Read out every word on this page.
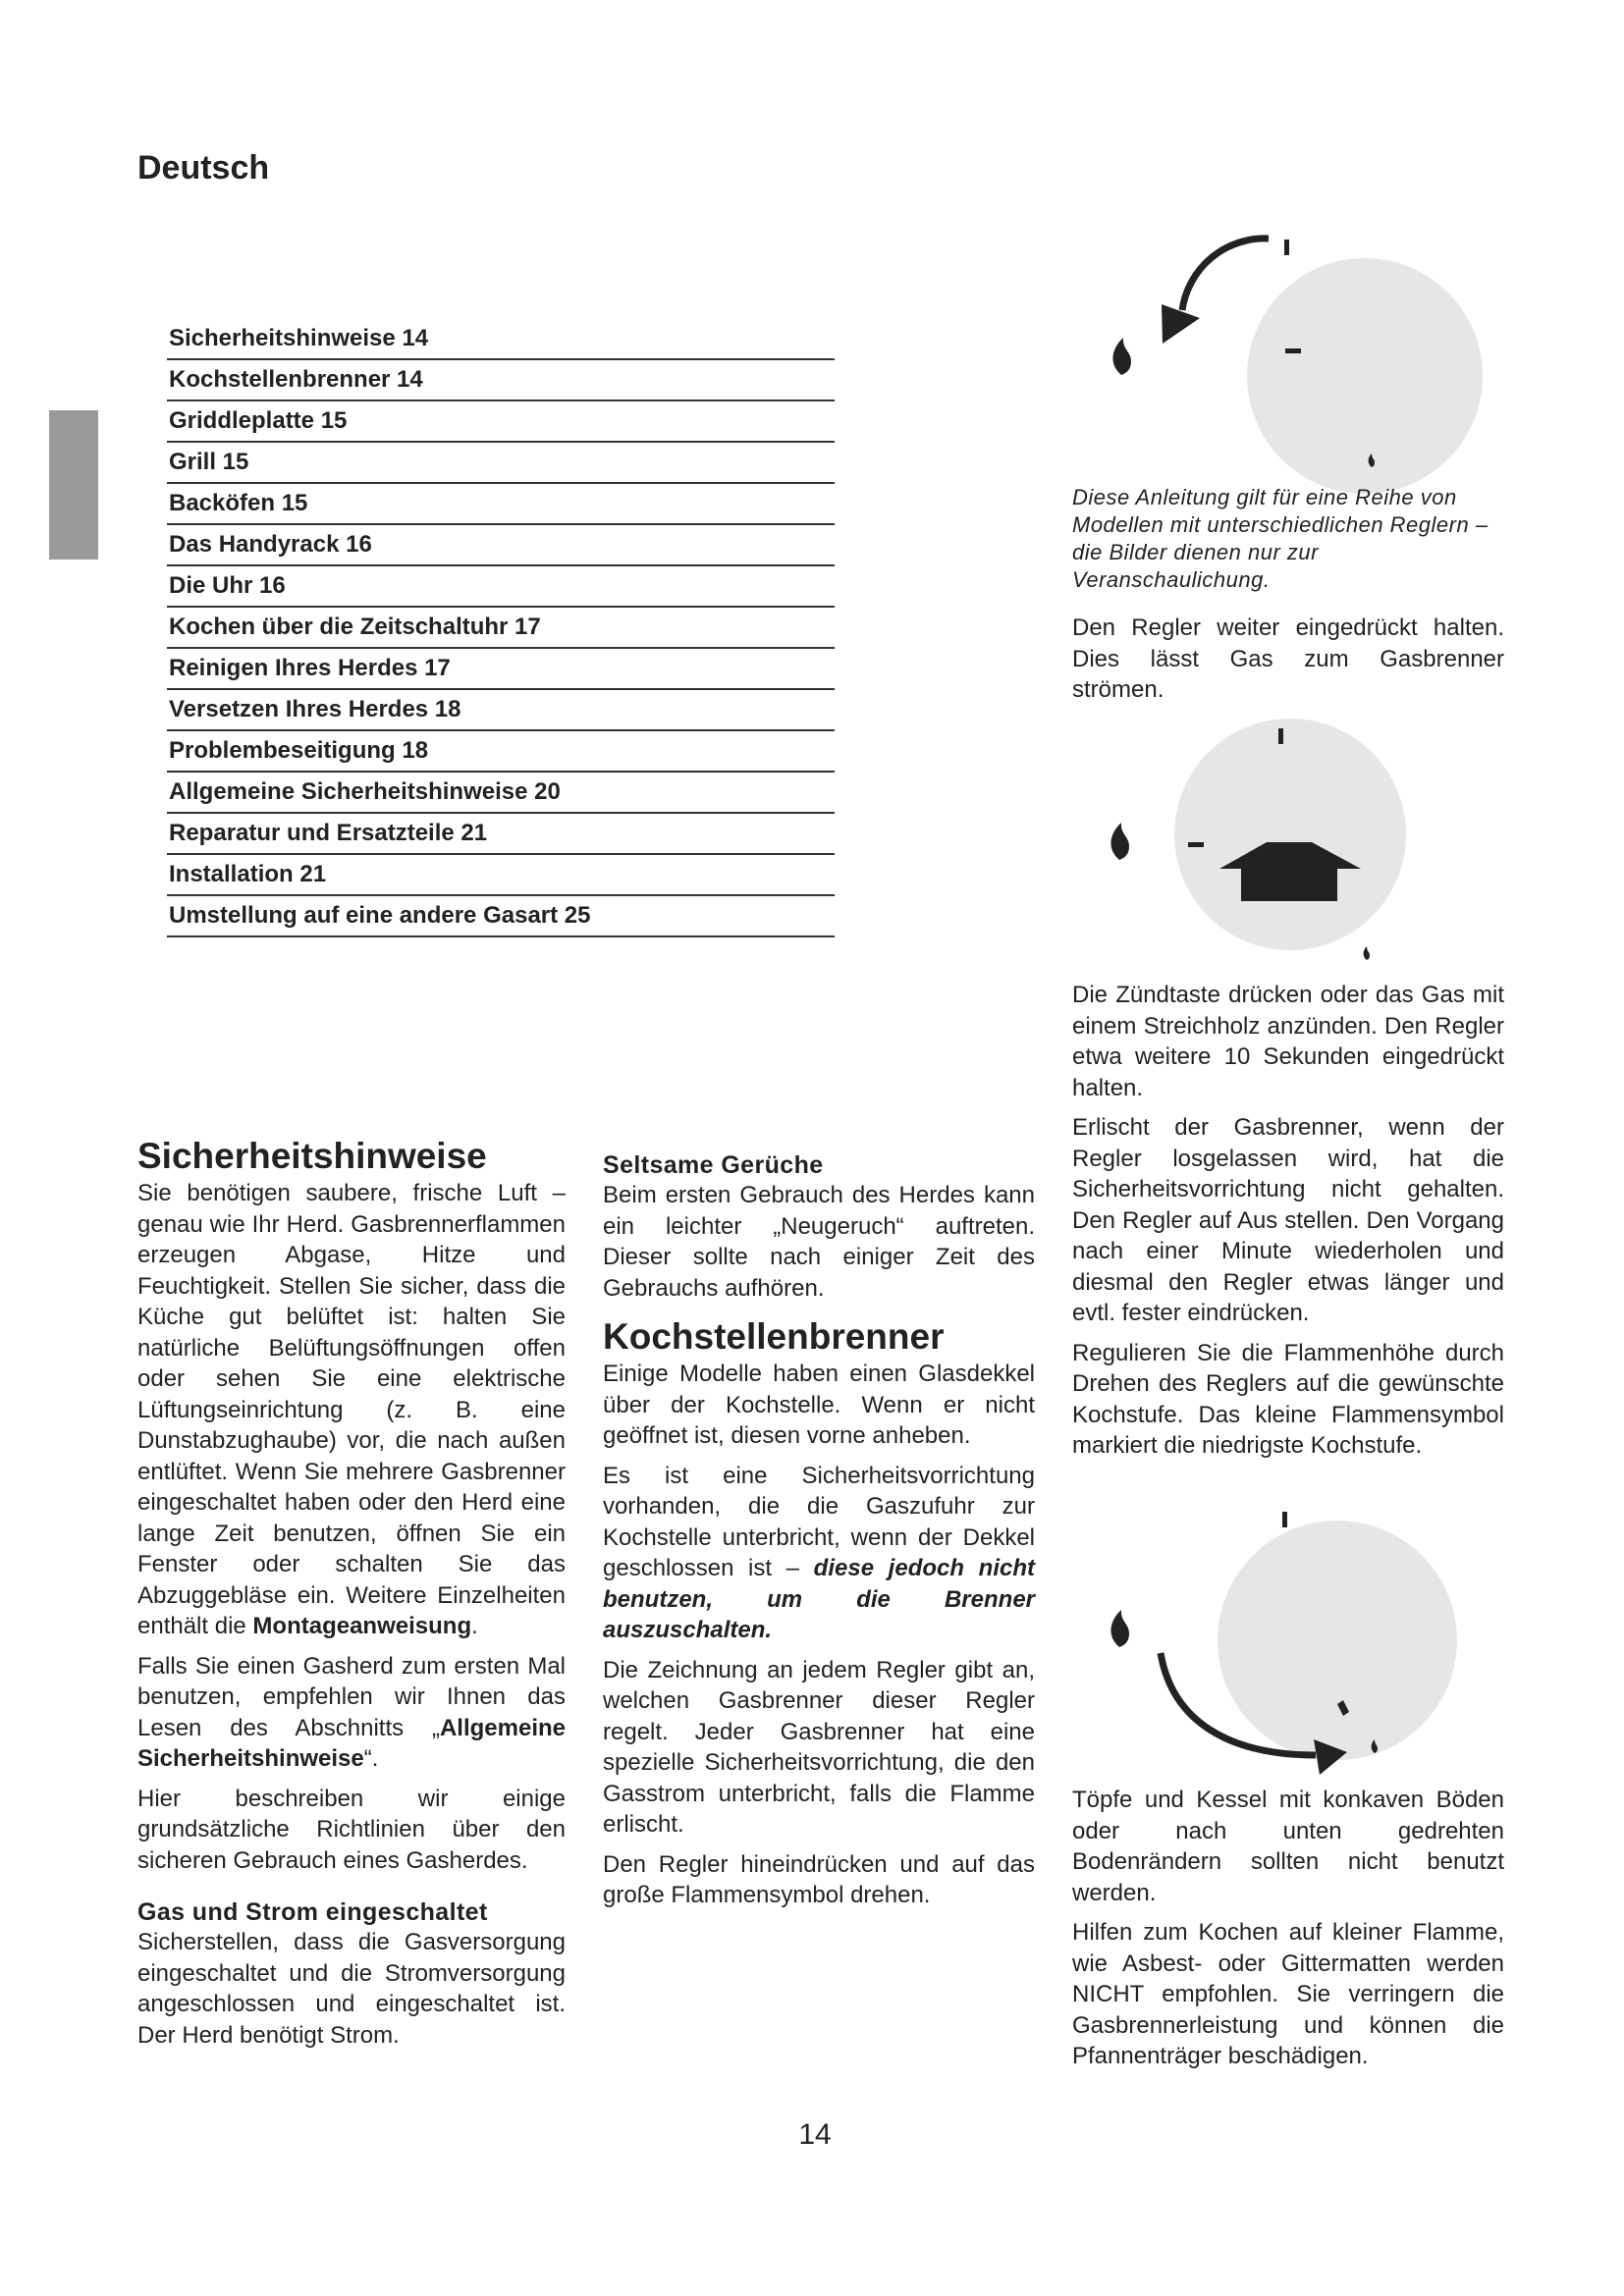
Deutsch
Sicherheitshinweise 14
Kochstellenbrenner 14
Griddleplatte 15
Grill 15
Backöfen 15
Das Handyrack 16
Die Uhr 16
Kochen über die Zeitschaltuhr 17
Reinigen Ihres Herdes 17
Versetzen Ihres Herdes 18
Problembeseitigung 18
Allgemeine Sicherheitshinweise 20
Reparatur und Ersatzteile 21
Installation 21
Umstellung auf eine andere Gasart 25
Sicherheitshinweise

Sie benötigen saubere, frische Luft – genau wie Ihr Herd. Gasbrennerflammen erzeugen Abgase, Hitze und Feuchtigkeit. Stellen Sie sicher, dass die Küche gut belüftet ist: halten Sie natürliche Belüftungsöffnungen offen oder sehen Sie eine elektrische Lüftungseinrichtung (z. B. eine Dunstabzughaube) vor, die nach außen entlüftet. Wenn Sie mehrere Gasbrenner eingeschaltet haben oder den Herd eine lange Zeit benutzen, öffnen Sie ein Fenster oder schalten Sie das Abzuggebläse ein. Weitere Einzelheiten enthält die Montageanweisung.

Falls Sie einen Gasherd zum ersten Mal benutzen, empfehlen wir Ihnen das Lesen des Abschnitts „Allgemeine Sicherheitshinweise“.

Hier beschreiben wir einige grundsätzliche Richtlinien über den sicheren Gebrauch eines Gasherdes.

Gas und Strom eingeschaltet

Sicherstellen, dass die Gasversorgung eingeschaltet und die Stromversorgung angeschlossen und eingeschaltet ist. Der Herd benötigt Strom.

Seltsame Gerüche

Beim ersten Gebrauch des Herdes kann ein leichter „Neugeruch“ auftreten. Dieser sollte nach einiger Zeit des Gebrauchs aufhören.

Kochstellenbrenner

Einige Modelle haben einen Glasdekkel über der Kochstelle. Wenn er nicht geöffnet ist, diesen vorne anheben.

Es ist eine Sicherheitsvorrichtung vorhanden, die die Gaszufuhr zur Kochstelle unterbricht, wenn der Dekkel geschlossen ist – diese jedoch nicht benutzen, um die Brenner auszuschalten.

Die Zeichnung an jedem Regler gibt an, welchen Gasbrenner dieser Regler regelt. Jeder Gasbrenner hat eine spezielle Sicherheitsvorrichtung, die den Gasstrom unterbricht, falls die Flamme erlischt.

Den Regler hineindrücken und auf das große Flammensymbol drehen.

Diese Anleitung gilt für eine Reihe von Modellen mit unterschiedlichen Reglern – die Bilder dienen nur zur Veranschaulichung.

Den Regler weiter eingedrückt halten. Dies lässt Gas zum Gasbrenner strömen.

Die Zündtaste drücken oder das Gas mit einem Streichholz anzünden. Den Regler etwa weitere 10 Sekunden eingedrückt halten.

Erlischt der Gasbrenner, wenn der Regler losgelassen wird, hat die Sicherheitsvorrichtung nicht gehalten. Den Regler auf Aus stellen. Den Vorgang nach einer Minute wiederholen und diesmal den Regler etwas länger und evtl. fester eindrücken.

Regulieren Sie die Flammenhöhe durch Drehen des Reglers auf die gewünschte Kochstufe. Das kleine Flammensymbol markiert die niedrigste Kochstufe.

Töpfe und Kessel mit konkaven Böden oder nach unten gedrehten Bodenrändern sollten nicht benutzt werden.

Hilfen zum Kochen auf kleiner Flamme, wie Asbest- oder Gittermatten werden NICHT empfohlen. Sie verringern die Gasbrennerleistung und können die Pfannenträger beschädigen.

14
